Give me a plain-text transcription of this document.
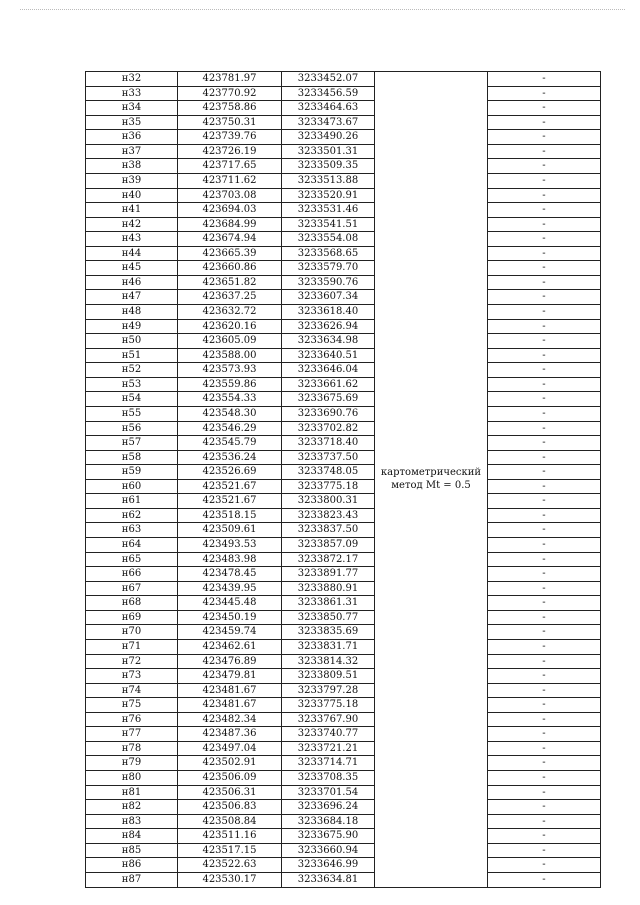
н32	423781.97	3233452.07	картометрический
метод Mt = 0.5	-
н33	423770.92	3233456.59		-
н34	423758.86	3233464.63		-
н35	423750.31	3233473.67		-
н36	423739.76	3233490.26		-
н37	423726.19	3233501.31		-
н38	423717.65	3233509.35		-
н39	423711.62	3233513.88		-
н40	423703.08	3233520.91		-
н41	423694.03	3233531.46		-
н42	423684.99	3233541.51		-
н43	423674.94	3233554.08		-
н44	423665.39	3233568.65		-
н45	423660.86	3233579.70		-
н46	423651.82	3233590.76		-
н47	423637.25	3233607.34		-
н48	423632.72	3233618.40		-
н49	423620.16	3233626.94		-
н50	423605.09	3233634.98		-
н51	423588.00	3233640.51		-
н52	423573.93	3233646.04		-
н53	423559.86	3233661.62		-
н54	423554.33	3233675.69		-
н55	423548.30	3233690.76		-
н56	423546.29	3233702.82		-
н57	423545.79	3233718.40		-
н58	423536.24	3233737.50		-
н59	423526.69	3233748.05		-
н60	423521.67	3233775.18		-
н61	423521.67	3233800.31		-
н62	423518.15	3233823.43		-
н63	423509.61	3233837.50		-
н64	423493.53	3233857.09		-
н65	423483.98	3233872.17		-
н66	423478.45	3233891.77		-
н67	423439.95	3233880.91		-
н68	423445.48	3233861.31		-
н69	423450.19	3233850.77		-
н70	423459.74	3233835.69		-
н71	423462.61	3233831.71		-
н72	423476.89	3233814.32		-
н73	423479.81	3233809.51		-
н74	423481.67	3233797.28		-
н75	423481.67	3233775.18		-
н76	423482.34	3233767.90		-
н77	423487.36	3233740.77		-
н78	423497.04	3233721.21		-
н79	423502.91	3233714.71		-
н80	423506.09	3233708.35		-
н81	423506.31	3233701.54		-
н82	423506.83	3233696.24		-
н83	423508.84	3233684.18		-
н84	423511.16	3233675.90		-
н85	423517.15	3233660.94		-
н86	423522.63	3233646.99		-
н87	423530.17	3233634.81		-
